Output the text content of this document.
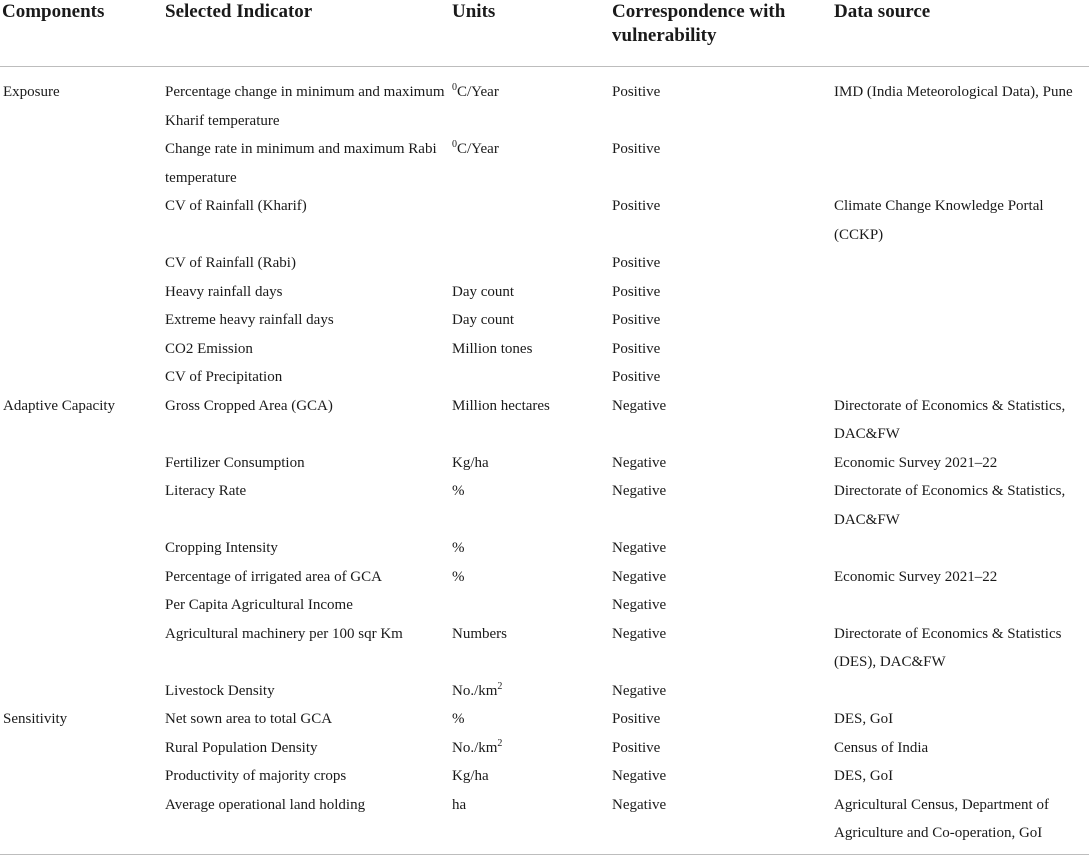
Components	Selected Indicator	Units	Correspondence with vulnerability	Data source
Exposure	Percentage change in minimum and maximum Kharif temperature	$^0$C/Year	Positive	IMD (India Meteorological Data), Pune
	Change rate in minimum and maximum Rabi temperature	$^0$C/Year	Positive	
	CV of Rainfall (Kharif)		Positive	Climate Change Knowledge Portal (CCKP)
	CV of Rainfall (Rabi)		Positive	
	Heavy rainfall days	Day count	Positive	
	Extreme heavy rainfall days	Day count	Positive	
	CO2 Emission	Million tones	Positive	
	CV of Precipitation		Positive	
Adaptive Capacity	Gross Cropped Area (GCA)	Million hectares	Negative	Directorate of Economics & Statistics, DAC&FW
	Fertilizer Consumption	Kg/ha	Negative	Economic Survey 2021–22
	Literacy Rate	%	Negative	Directorate of Economics & Statistics, DAC&FW
	Cropping Intensity	%	Negative	
	Percentage of irrigated area of GCA	%	Negative	Economic Survey 2021–22
	Per Capita Agricultural Income		Negative	
	Agricultural machinery per 100 sqr Km	Numbers	Negative	Directorate of Economics & Statistics (DES), DAC&FW
	Livestock Density	$No./km^2$	Negative	
Sensitivity	Net sown area to total GCA	%	Positive	DES, GoI
	Rural Population Density	$No./km^2$	Positive	Census of India
	Productivity of majority crops	Kg/ha	Negative	DES, GoI
	Average operational land holding	ha	Negative	Agricultural Census, Department of Agriculture and Co-operation, GoI
